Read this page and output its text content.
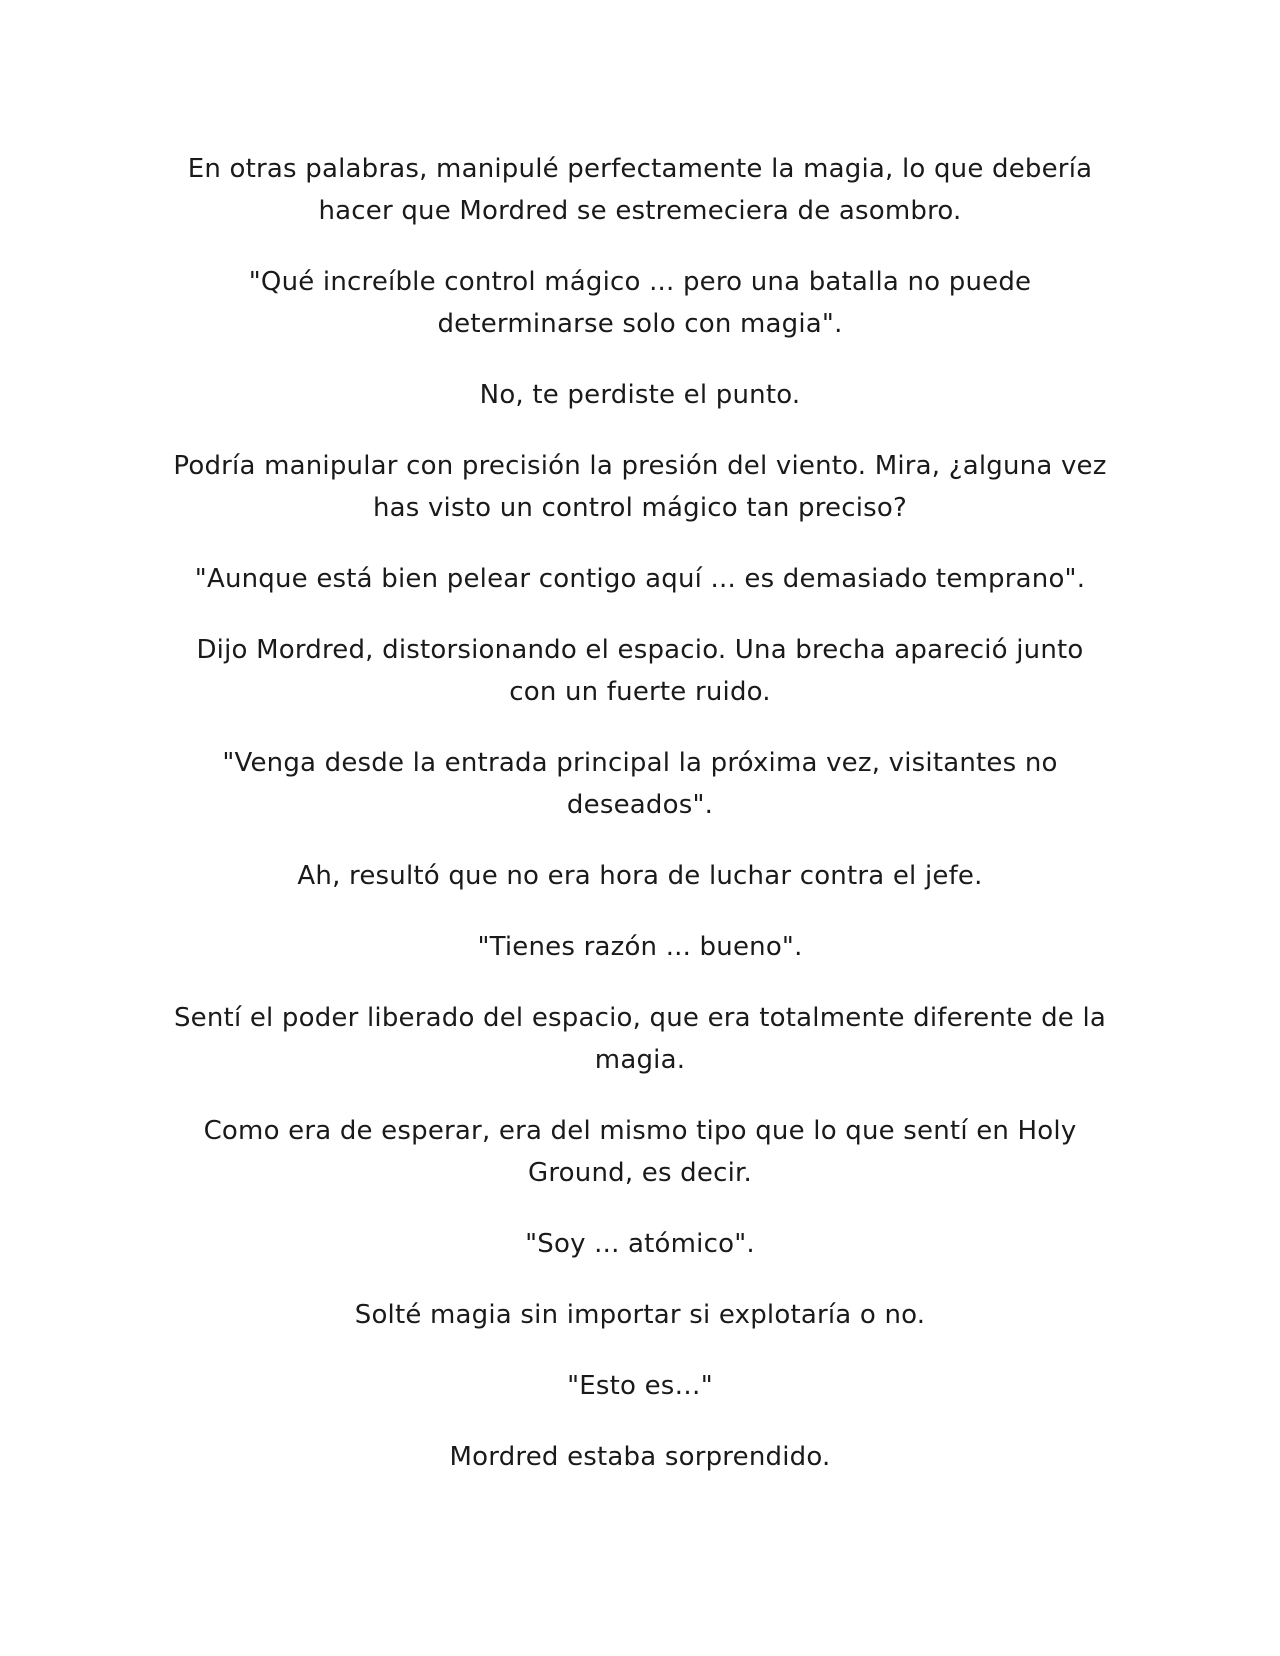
En otras palabras, manipulé perfectamente la magia, lo que debería hacer que Mordred se estremeciera de asombro.

"Qué increíble control mágico ... pero una batalla no puede determinarse solo con magia".

No, te perdiste el punto.

Podría manipular con precisión la presión del viento. Mira, ¿alguna vez has visto un control mágico tan preciso?

"Aunque está bien pelear contigo aquí ... es demasiado temprano".

Dijo Mordred, distorsionando el espacio. Una brecha apareció junto con un fuerte ruido.

"Venga desde la entrada principal la próxima vez, visitantes no deseados".

Ah, resultó que no era hora de luchar contra el jefe.

"Tienes razón ... bueno".

Sentí el poder liberado del espacio, que era totalmente diferente de la magia.

Como era de esperar, era del mismo tipo que lo que sentí en Holy Ground, es decir.

"Soy ... atómico".

Solté magia sin importar si explotaría o no.

"Esto es…"

Mordred estaba sorprendido.
